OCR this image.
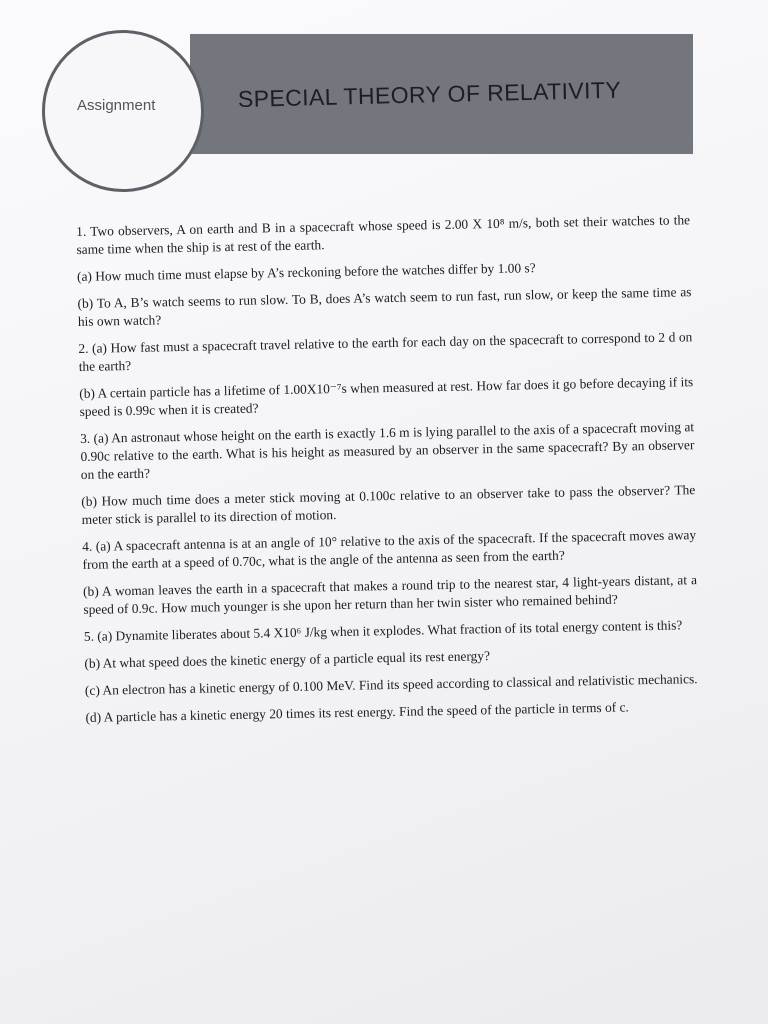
Assignment	SPECIAL THEORY OF RELATIVITY

1. Two observers, A on earth and B in a spacecraft whose speed is 2.00 X 10⁸ m/s, both set their watches to the same time when the ship is at rest of the earth.

(a) How much time must elapse by A’s reckoning before the watches differ by 1.00 s?

(b) To A, B’s watch seems to run slow. To B, does A’s watch seem to run fast, run slow, or keep the same time as his own watch?

2. (a) How fast must a spacecraft travel relative to the earth for each day on the spacecraft to correspond to 2 d on the earth?

(b) A certain particle has a lifetime of 1.00X10⁻⁷s when measured at rest. How far does it go before decaying if its speed is 0.99c when it is created?

3. (a) An astronaut whose height on the earth is exactly 1.6 m is lying parallel to the axis of a spacecraft moving at 0.90c relative to the earth. What is his height as measured by an observer in the same spacecraft? By an observer on the earth?

(b) How much time does a meter stick moving at 0.100c relative to an observer take to pass the observer? The meter stick is parallel to its direction of motion.

4. (a) A spacecraft antenna is at an angle of 10° relative to the axis of the spacecraft. If the spacecraft moves away from the earth at a speed of 0.70c, what is the angle of the antenna as seen from the earth?

(b) A woman leaves the earth in a spacecraft that makes a round trip to the nearest star, 4 light-years distant, at a speed of 0.9c. How much younger is she upon her return than her twin sister who remained behind?

5. (a) Dynamite liberates about 5.4 X10⁶ J/kg when it explodes. What fraction of its total energy content is this?

(b) At what speed does the kinetic energy of a particle equal its rest energy?

(c) An electron has a kinetic energy of 0.100 MeV. Find its speed according to classical and relativistic mechanics.

(d) A particle has a kinetic energy 20 times its rest energy. Find the speed of the particle in terms of c.
